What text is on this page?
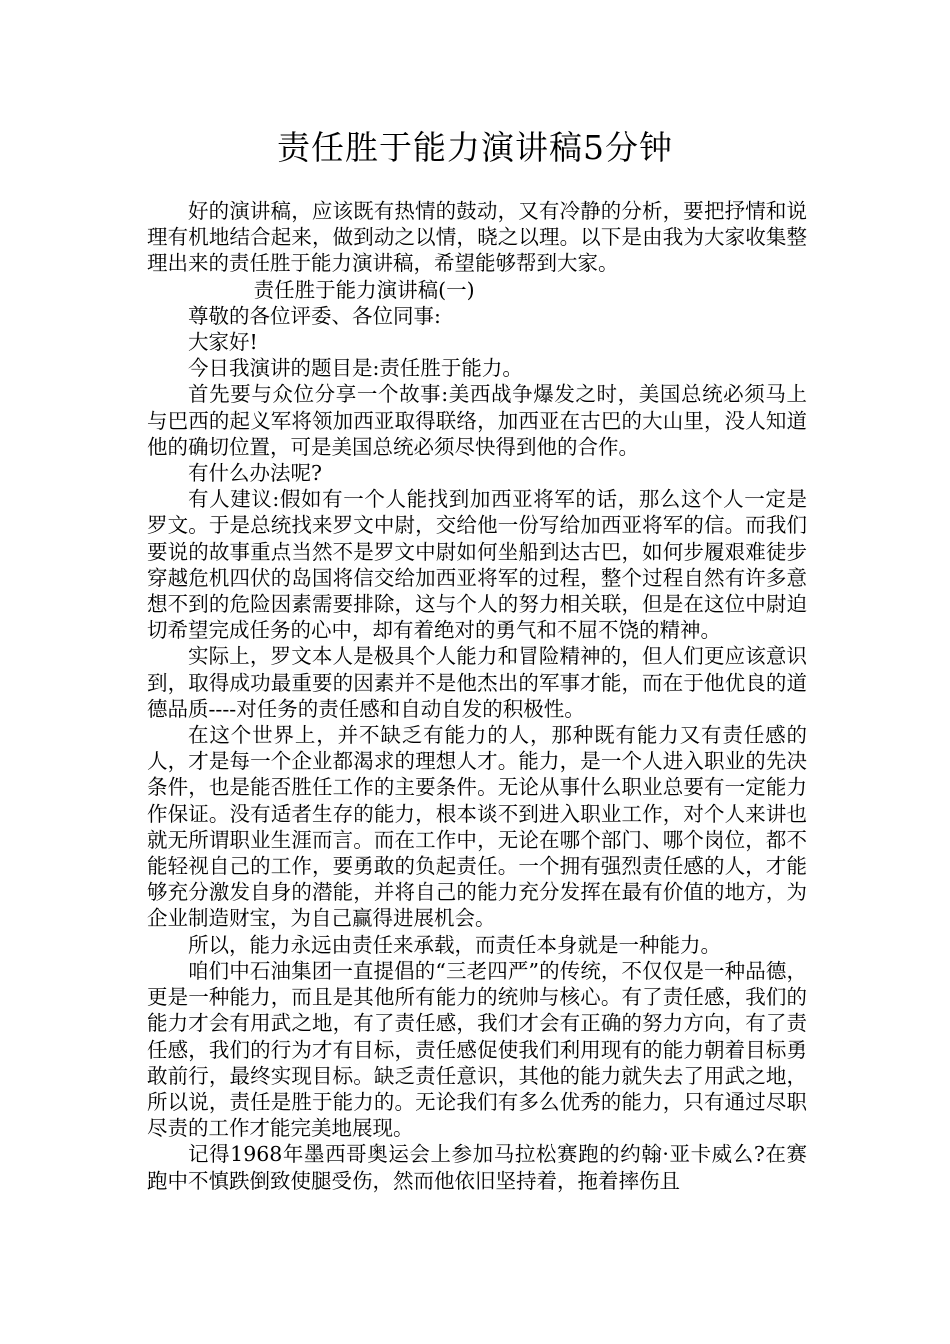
责任胜于能力演讲稿5分钟

好的演讲稿，应该既有热情的鼓动，又有冷静的分析，要把抒情和说理有机地结合起来，做到动之以情，晓之以理。以下是由我为大家收集整理出来的责任胜于能力演讲稿，希望能够帮到大家。

责任胜于能力演讲稿(一)

尊敬的各位评委、各位同事:

大家好!

今日我演讲的题目是:责任胜于能力。

首先要与众位分享一个故事:美西战争爆发之时，美国总统必须马上与巴西的起义军将领加西亚取得联络，加西亚在古巴的大山里，没人知道他的确切位置，可是美国总统必须尽快得到他的合作。

有什么办法呢?

有人建议:假如有一个人能找到加西亚将军的话，那么这个人一定是罗文。于是总统找来罗文中尉，交给他一份写给加西亚将军的信。而我们要说的故事重点当然不是罗文中尉如何坐船到达古巴，如何步履艰难徒步穿越危机四伏的岛国将信交给加西亚将军的过程，整个过程自然有许多意想不到的危险因素需要排除，这与个人的努力相关联，但是在这位中尉迫切希望完成任务的心中，却有着绝对的勇气和不屈不饶的精神。

实际上，罗文本人是极具个人能力和冒险精神的，但人们更应该意识到，取得成功最重要的因素并不是他杰出的军事才能，而在于他优良的道德品质----对任务的责任感和自动自发的积极性。

在这个世界上，并不缺乏有能力的人，那种既有能力又有责任感的人，才是每一个企业都渴求的理想人才。能力，是一个人进入职业的先决条件，也是能否胜任工作的主要条件。无论从事什么职业总要有一定能力作保证。没有适者生存的能力，根本谈不到进入职业工作，对个人来讲也就无所谓职业生涯而言。而在工作中，无论在哪个部门、哪个岗位，都不能轻视自己的工作，要勇敢的负起责任。一个拥有强烈责任感的人，才能够充分激发自身的潜能，并将自己的能力充分发挥在最有价值的地方，为企业制造财宝，为自己赢得进展机会。

所以，能力永远由责任来承载，而责任本身就是一种能力。

咱们中石油集团一直提倡的“三老四严”的传统，不仅仅是一种品德，更是一种能力，而且是其他所有能力的统帅与核心。有了责任感，我们的能力才会有用武之地，有了责任感，我们才会有正确的努力方向，有了责任感，我们的行为才有目标，责任感促使我们利用现有的能力朝着目标勇敢前行，最终实现目标。缺乏责任意识，其他的能力就失去了用武之地，所以说，责任是胜于能力的。无论我们有多么优秀的能力，只有通过尽职尽责的工作才能完美地展现。

记得1968年墨西哥奥运会上参加马拉松赛跑的约翰·亚卡威么?在赛跑中不慎跌倒致使腿受伤，然而他依旧坚持着，拖着摔伤且
